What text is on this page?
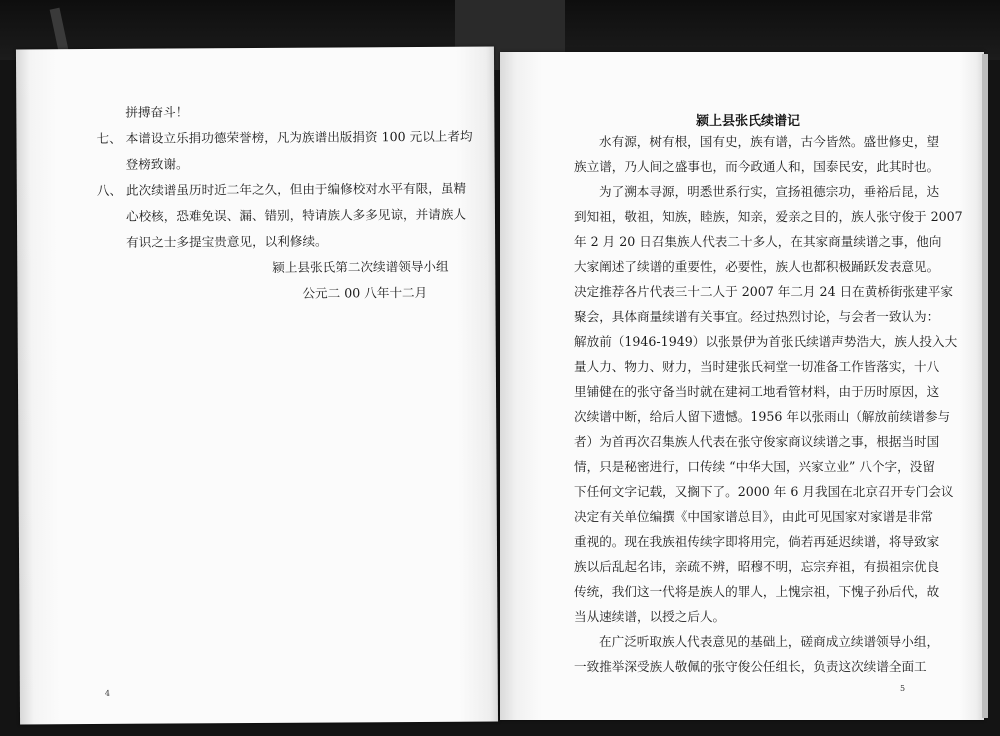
拼搏奋斗！
七、 本谱设立乐捐功德荣誉榜，凡为族谱出版捐资 100 元以上者均
登榜致谢。
八、 此次续谱虽历时近二年之久，但由于编修校对水平有限，虽精
心校核，恐难免误、漏、错别，特请族人多多见谅，并请族人
有识之士多提宝贵意见，以利修续。
颍上县张氏第二次续谱领导小组
公元二 00 八年十二月
4
颍上县张氏续谱记
水有源，树有根，国有史，族有谱，古今皆然。盛世修史，望
族立谱，乃人间之盛事也，而今政通人和，国泰民安，此其时也。
为了溯本寻源，明悉世系行实，宣扬祖德宗功，垂裕后昆，达
到知祖，敬祖，知族，睦族，知亲，爱亲之目的，族人张守俊于 2007
年 2 月 20 日召集族人代表二十多人，在其家商量续谱之事，他向
大家阐述了续谱的重要性，必要性，族人也都积极踊跃发表意见。
决定推荐各片代表三十二人于 2007 年二月 24 日在黄桥街张建平家
聚会，具体商量续谱有关事宜。经过热烈讨论，与会者一致认为：
解放前（1946-1949）以张景伊为首张氏续谱声势浩大，族人投入大
量人力、物力、财力，当时建张氏祠堂一切准备工作皆落实，十八
里铺健在的张守备当时就在建祠工地看管材料，由于历时原因，这
次续谱中断，给后人留下遗憾。1956 年以张雨山（解放前续谱参与
者）为首再次召集族人代表在张守俊家商议续谱之事，根据当时国
情，只是秘密进行，口传续 “中华大国，兴家立业” 八个字，没留
下任何文字记载，又搁下了。2000 年 6 月我国在北京召开专门会议
决定有关单位编撰《中国家谱总目》，由此可见国家对家谱是非常
重视的。现在我族祖传续字即将用完，倘若再延迟续谱，将导致家
族以后乱起名讳，亲疏不辨，昭穆不明，忘宗弃祖，有损祖宗优良
传统，我们这一代将是族人的罪人，上愧宗祖，下愧子孙后代，故
当从速续谱，以授之后人。
在广泛听取族人代表意见的基础上，磋商成立续谱领导小组，
一致推举深受族人敬佩的张守俊公任组长，负责这次续谱全面工
5
